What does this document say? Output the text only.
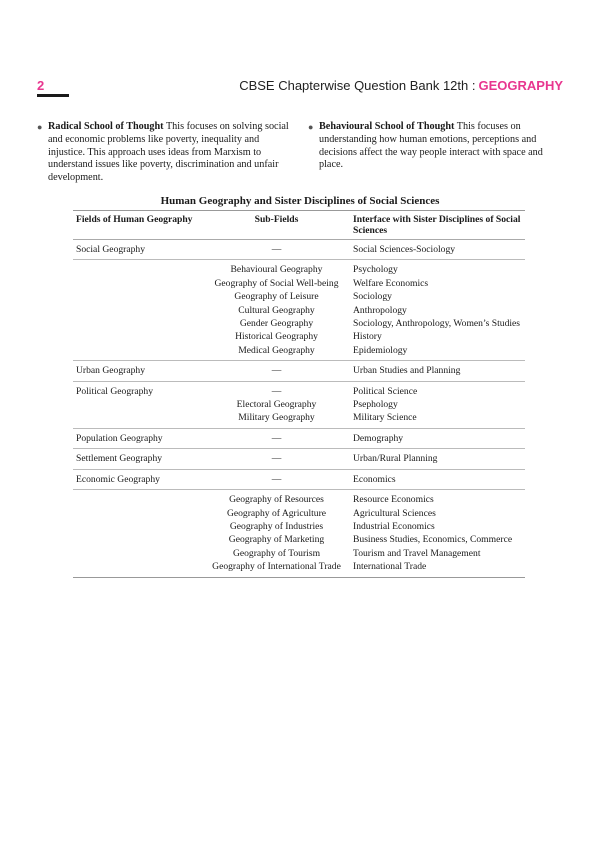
2	CBSE Chapterwise Question Bank 12th : GEOGRAPHY
● Radical School of Thought This focuses on solving social and economic problems like poverty, inequality and injustice. This approach uses ideas from Marxism to understand issues like poverty, discrimination and unfair development.
● Behavioural School of Thought This focuses on understanding how human emotions, perceptions and decisions affect the way people interact with space and place.
Human Geography and Sister Disciplines of Social Sciences
Fields of Human Geography	Sub-Fields	Interface with Sister Disciplines of Social Sciences
Social Geography	—	Social Sciences-Sociology
	Behavioural Geography	Psychology
	Geography of Social Well-being	Welfare Economics
	Geography of Leisure	Sociology
	Cultural Geography	Anthropology
	Gender Geography	Sociology, Anthropology, Women’s Studies
	Historical Geography	History
	Medical Geography	Epidemiology
Urban Geography	—	Urban Studies and Planning
Political Geography	—	Political Science
	Electoral Geography	Psephology
	Military Geography	Military Science
Population Geography	—	Demography
Settlement Geography	—	Urban/Rural Planning
Economic Geography	—	Economics
	Geography of Resources	Resource Economics
	Geography of Agriculture	Agricultural Sciences
	Geography of Industries	Industrial Economics
	Geography of Marketing	Business Studies, Economics, Commerce
	Geography of Tourism	Tourism and Travel Management
	Geography of International Trade	International Trade
